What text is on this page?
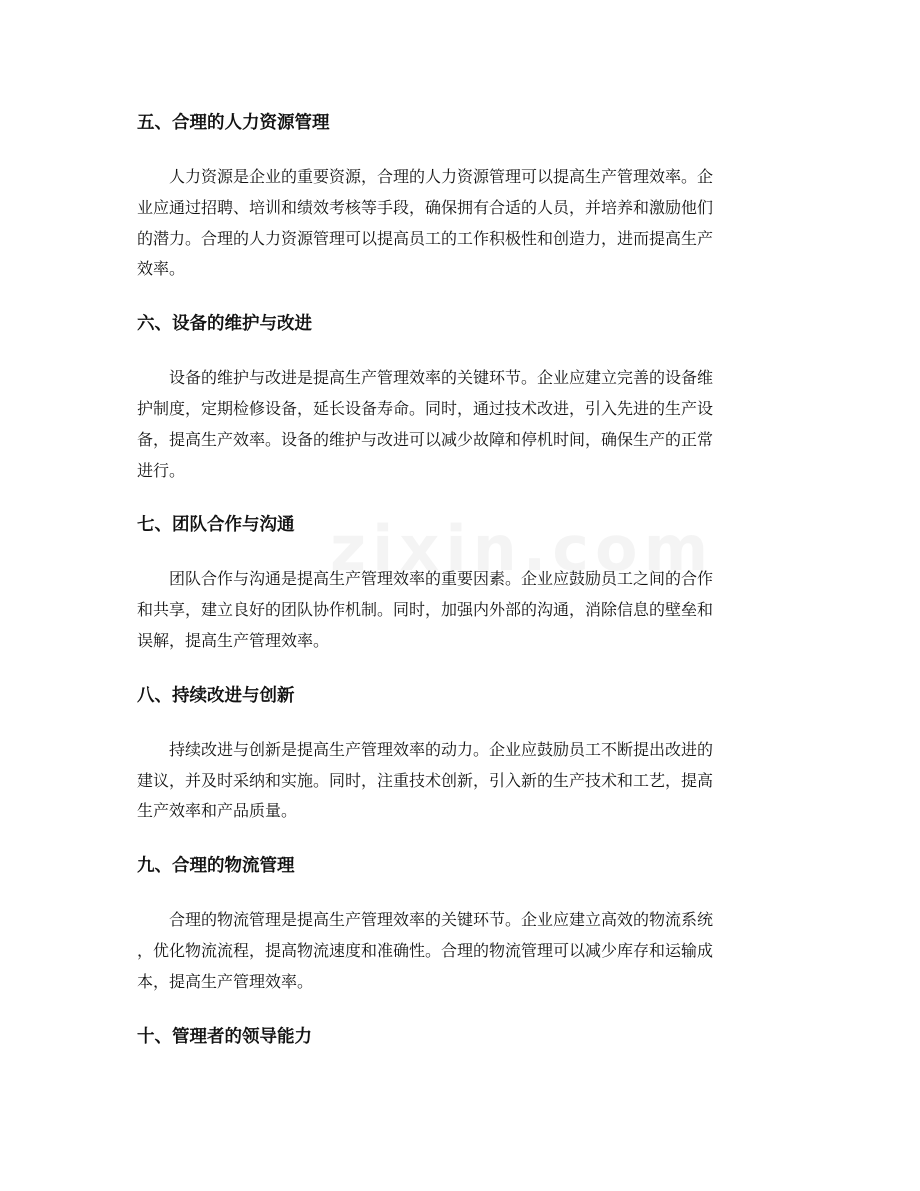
五、合理的人力资源管理

人力资源是企业的重要资源，合理的人力资源管理可以提高生产管理效率。企
业应通过招聘、培训和绩效考核等手段，确保拥有合适的人员，并培养和激励他们
的潜力。合理的人力资源管理可以提高员工的工作积极性和创造力，进而提高生产
效率。

六、设备的维护与改进

设备的维护与改进是提高生产管理效率的关键环节。企业应建立完善的设备维
护制度，定期检修设备，延长设备寿命。同时，通过技术改进，引入先进的生产设
备，提高生产效率。设备的维护与改进可以减少故障和停机时间，确保生产的正常
进行。

七、团队合作与沟通

团队合作与沟通是提高生产管理效率的重要因素。企业应鼓励员工之间的合作
和共享，建立良好的团队协作机制。同时，加强内外部的沟通，消除信息的壁垒和
误解，提高生产管理效率。

八、持续改进与创新

持续改进与创新是提高生产管理效率的动力。企业应鼓励员工不断提出改进的
建议，并及时采纳和实施。同时，注重技术创新，引入新的生产技术和工艺，提高
生产效率和产品质量。

九、合理的物流管理

合理的物流管理是提高生产管理效率的关键环节。企业应建立高效的物流系统
，优化物流流程，提高物流速度和准确性。合理的物流管理可以减少库存和运输成
本，提高生产管理效率。

十、管理者的领导能力
